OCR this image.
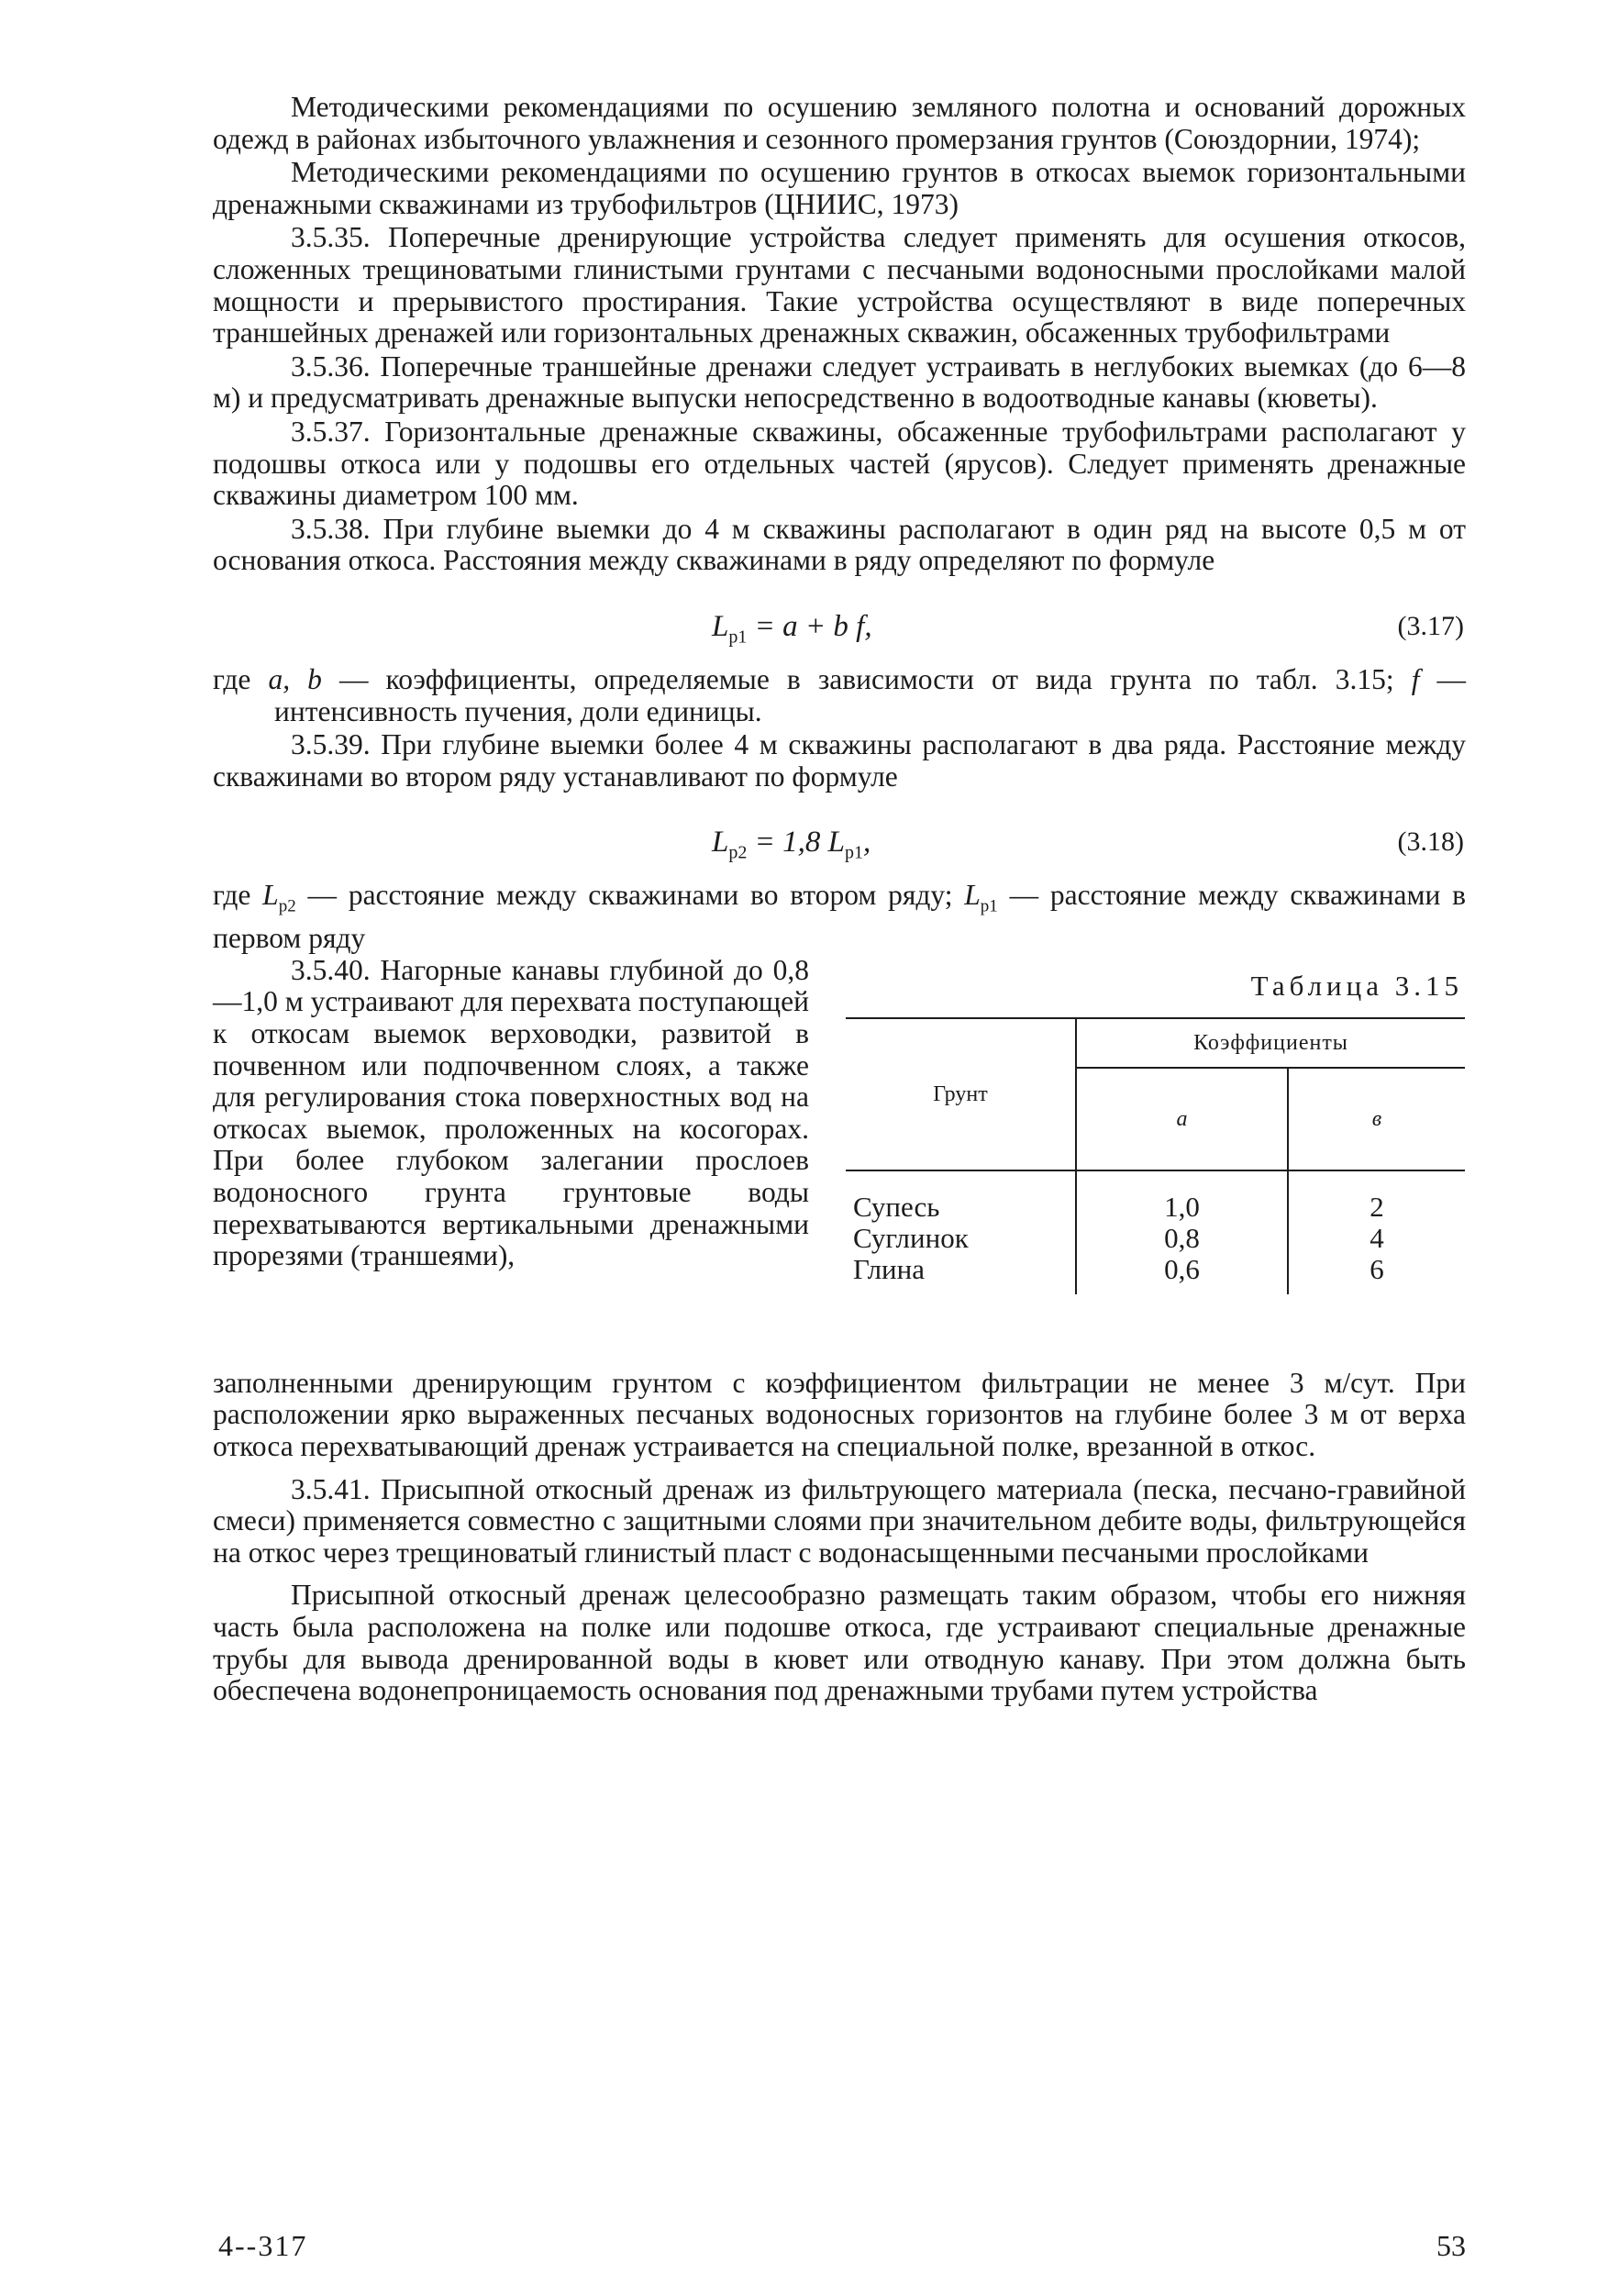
Методическими рекомендациями по осушению земляного полотна и оснований дорожных одежд в районах избыточного увлажнения и сезонного промерзания грунтов (Союздорнии, 1974);

Методическими рекомендациями по осушению грунтов в откосах выемок горизонтальными дренажными скважинами из трубофильтров (ЦНИИС, 1973)

3.5.35. Поперечные дренирующие устройства следует применять для осушения откосов, сложенных трещиноватыми глинистыми грунтами с песчаными водоносными прослойками малой мощности и прерывистого простирания. Такие устройства осуществляют в виде поперечных траншейных дренажей или горизонтальных дренажных скважин, обсаженных трубофильтрами

3.5.36. Поперечные траншейные дренажи следует устраивать в неглубоких выемках (до 6—8 м) и предусматривать дренажные выпуски непосредственно в водоотводные канавы (кюветы).

3.5.37. Горизонтальные дренажные скважины, обсаженные трубофильтрами располагают у подошвы откоса или у подошвы его отдельных частей (ярусов). Следует применять дренажные скважины диаметром 100 мм.

3.5.38. При глубине выемки до 4 м скважины располагают в один ряд на высоте 0,5 м от основания откоса. Расстояния между скважинами в ряду определяют по формуле

$L_{p1} = a + b$ f,	(3.17)

где a, b — коэффициенты, определяемые в зависимости от вида грунта по табл. 3.15; f — интенсивность пучения, доли единицы.

3.5.39. При глубине выемки более 4 м скважины располагают в два ряда. Расстояние между скважинами во втором ряду устанавливают по формуле

$L_{p2} = 1,8$ $L_{p1}$,	(3.18)

где $L_{p2}$ — расстояние между скважинами во втором ряду; $L_{p1}$ — расстояние между скважинами в первом ряду

3.5.40. Нагорные канавы глубиной до 0,8—1,0 м устраивают для перехвата поступающей к откосам выемок верховодки, развитой в почвенном или подпочвенном слоях, а также для регулирования стока поверхностных вод на откосах выемок, проложенных на косогорах. При более глубоком залегании прослоев водоносного грунта грунтовые воды перехватываются вертикальными дренажными прорезями (траншеями),

Таблица 3.15
Грунт	Коэффициенты	
	a	в
Супесь	1,0	2
Суглинок	0,8	4
Глина	0,6	6

заполненными дренирующим грунтом с коэффициентом фильтрации не менее 3 м/сут. При расположении ярко выраженных песчаных водоносных горизонтов на глубине более 3 м от верха откоса перехватывающий дренаж устраивается на специальной полке, врезанной в откос.

3.5.41. Присыпной откосный дренаж из фильтрующего материала (песка, песчано-гравийной смеси) применяется совместно с защитными слоями при значительном дебите воды, фильтрующейся на откос через трещиноватый глинистый пласт с водонасыщенными песчаными прослойками

Присыпной откосный дренаж целесообразно размещать таким образом, чтобы его нижняя часть была расположена на полке или подошве откоса, где устраивают специальные дренажные трубы для вывода дренированной воды в кювет или отводную канаву. При этом должна быть обеспечена водонепроницаемость основания под дренажными трубами путем устройства

4--317	53
